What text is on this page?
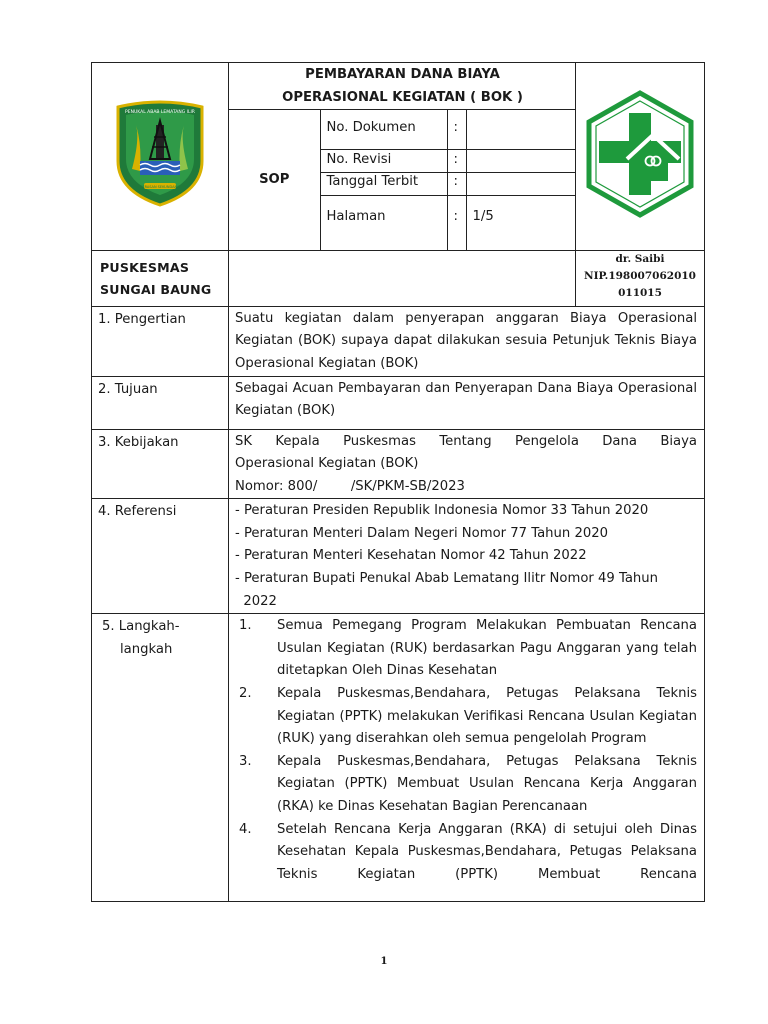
PENUKAL ABAB LEMATANG ILIR
SERASAN SEKUNDANG

PEMBAYARAN DANA BIAYA
OPERASIONAL KEGIATAN ( BOK )

SOP	No. Dokumen	:	
No. Revisi	:	
Tanggal Terbit	:	
Halaman	:	1/5

PUSKESMAS
SUNGAI BAUNG

dr. Saibi
NIP.198007062010
011015

1. Pengertian	Suatu kegiatan dalam penyerapan anggaran Biaya Operasional Kegiatan (BOK) supaya dapat dilakukan sesuia Petunjuk Teknis Biaya Operasional Kegiatan (BOK)
2. Tujuan	Sebagai Acuan Pembayaran dan Penyerapan Dana Biaya Operasional Kegiatan (BOK)
3. Kebijakan	SK Kepala Puskesmas Tentang Pengelola Dana Biaya
Operasional Kegiatan (BOK)
Nomor: 800/        /SK/PKM-SB/2023

4. Referensi	- Peraturan Presiden Republik Indonesia Nomor 33 Tahun 2020
- Peraturan Menteri Dalam Negeri Nomor 77 Tahun 2020
- Peraturan Menteri Kesehatan Nomor 42 Tahun 2022
- Peraturan Bupati Penukal Abab Lematang Ilitr Nomor 49 Tahun
2022

5. Langkah-
langkah

1.	Semua Pemegang Program Melakukan Pembuatan Rencana Usulan Kegiatan (RUK) berdasarkan Pagu Anggaran yang telah ditetapkan Oleh Dinas Kesehatan
2.	Kepala Puskesmas,Bendahara, Petugas Pelaksana Teknis Kegiatan (PPTK) melakukan Verifikasi Rencana Usulan Kegiatan (RUK) yang diserahkan oleh semua pengelolah Program
3.	Kepala Puskesmas,Bendahara, Petugas Pelaksana Teknis Kegiatan (PPTK) Membuat Usulan Rencana Kerja Anggaran (RKA) ke Dinas Kesehatan Bagian Perencanaan
4.	Setelah Rencana Kerja Anggaran (RKA) di setujui oleh Dinas Kesehatan Kepala Puskesmas,Bendahara, Petugas Pelaksana Teknis Kegiatan (PPTK) Membuat Rencana
1
